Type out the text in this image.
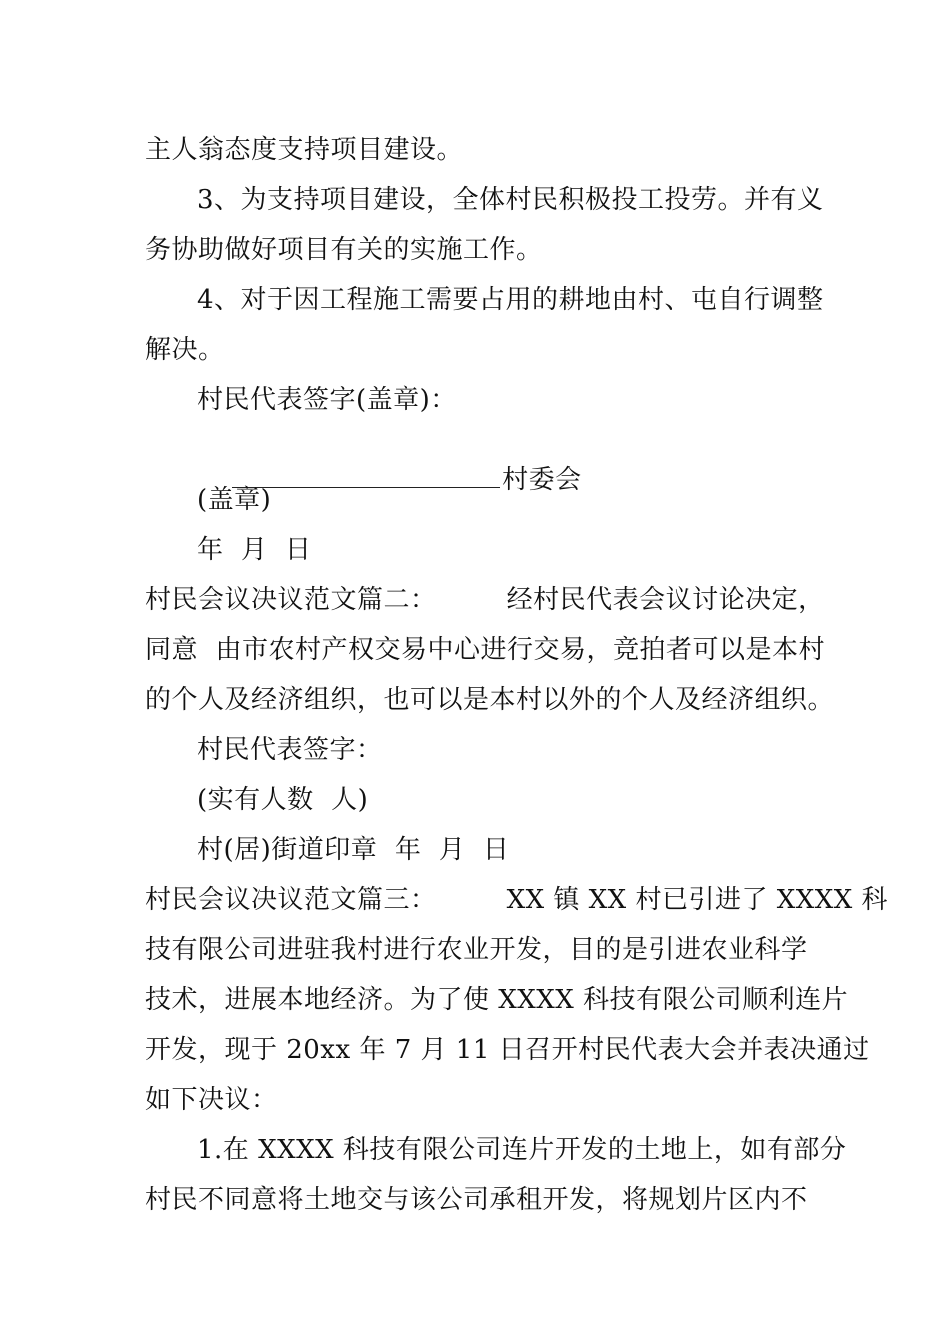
主人翁态度支持项目建设。
3、为支持项目建设，全体村民积极投工投劳。并有义
务协助做好项目有关的实施工作。
4、对于因工程施工需要占用的耕地由村、屯自行调整
解决。
村民代表签字(盖章)：

村委会

(盖章)
年  月  日
村民会议决议范文篇二：        经村民代表会议讨论决定，
同意  由市农村产权交易中心进行交易，竞拍者可以是本村
的个人及经济组织，也可以是本村以外的个人及经济组织。
村民代表签字：
(实有人数  人)
村(居)街道印章  年  月  日
村民会议决议范文篇三：        XX 镇 XX 村已引进了 XXXX 科
技有限公司进驻我村进行农业开发，目的是引进农业科学
技术，进展本地经济。为了使 XXXX 科技有限公司顺利连片
开发，现于 20xx 年 7 月 11 日召开村民代表大会并表决通过
如下决议：
1.在 XXXX 科技有限公司连片开发的土地上，如有部分
村民不同意将土地交与该公司承租开发，将规划片区内不
